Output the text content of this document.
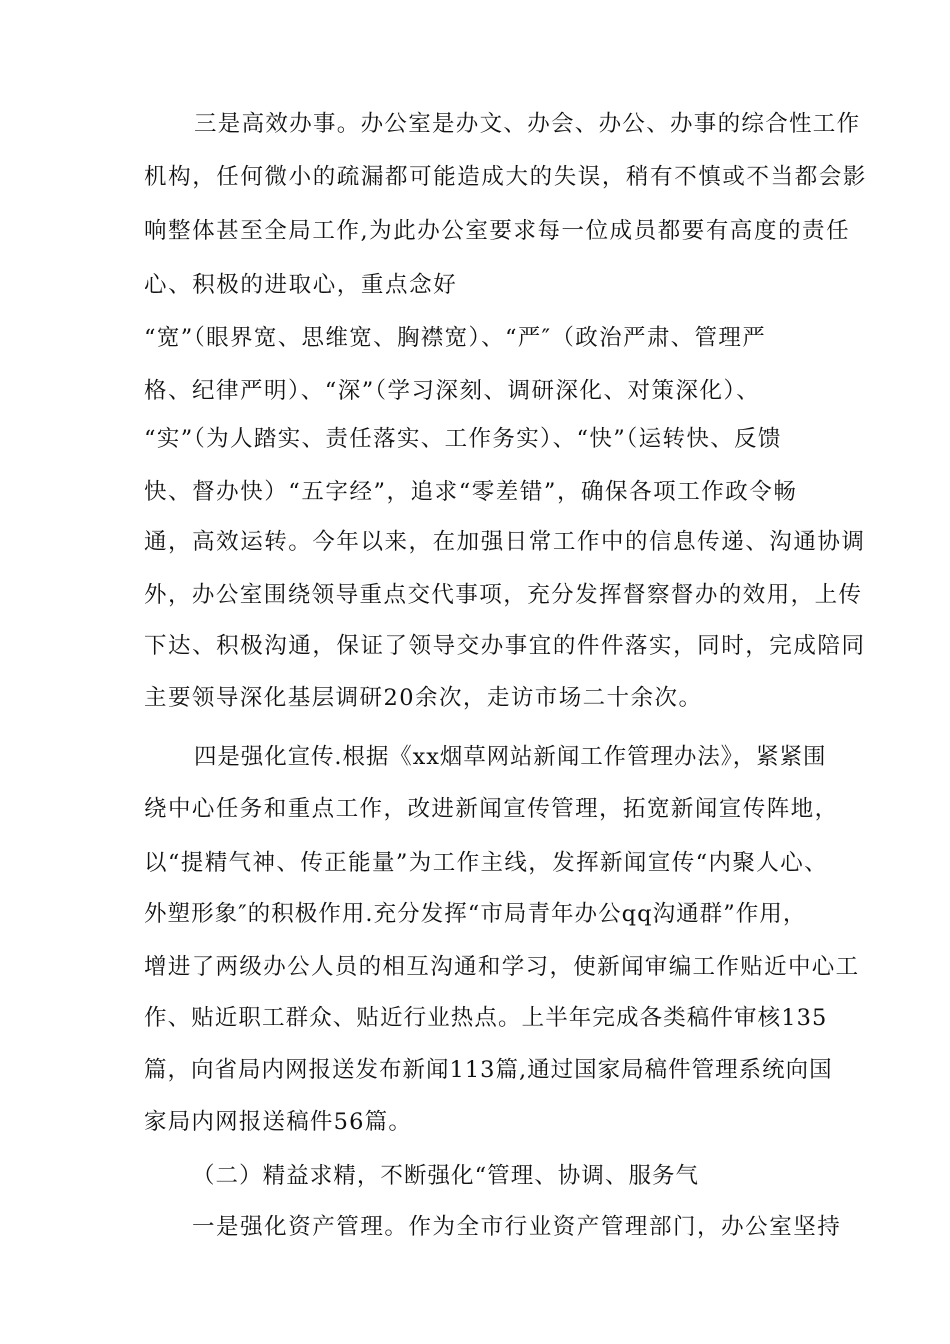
三是高效办事。办公室是办文、办会、办公、办事的综合性工作
机构，任何微小的疏漏都可能造成大的失误，稍有不慎或不当都会影
响整体甚至全局工作,为此办公室要求每一位成员都要有高度的责任
心、积极的进取心，重点念好
“宽”（眼界宽、思维宽、胸襟宽）、“严″（政治严肃、管理严
格、纪律严明）、“深”（学习深刻、调研深化、对策深化）、
“实”（为人踏实、责任落实、工作务实）、“快”（运转快、反馈
快、督办快）“五字经”，追求“零差错”，确保各项工作政令畅
通，高效运转。今年以来，在加强日常工作中的信息传递、沟通协调
外，办公室围绕领导重点交代事项，充分发挥督察督办的效用，上传
下达、积极沟通，保证了领导交办事宜的件件落实，同时，完成陪同
主要领导深化基层调研20余次，走访市场二十余次。
四是强化宣传.根据《xx烟草网站新闻工作管理办法》，紧紧围
绕中心任务和重点工作，改进新闻宣传管理，拓宽新闻宣传阵地，
以“提精气神、传正能量”为工作主线，发挥新闻宣传“内聚人心、
外塑形象″的积极作用.充分发挥“市局青年办公qq沟通群”作用，
增进了两级办公人员的相互沟通和学习，使新闻审编工作贴近中心工
作、贴近职工群众、贴近行业热点。上半年完成各类稿件审核135
篇，向省局内网报送发布新闻113篇,通过国家局稿件管理系统向国
家局内网报送稿件56篇。
（二）精益求精，不断强化“管理、协调、服务气
一是强化资产管理。作为全市行业资产管理部门，办公室坚持
